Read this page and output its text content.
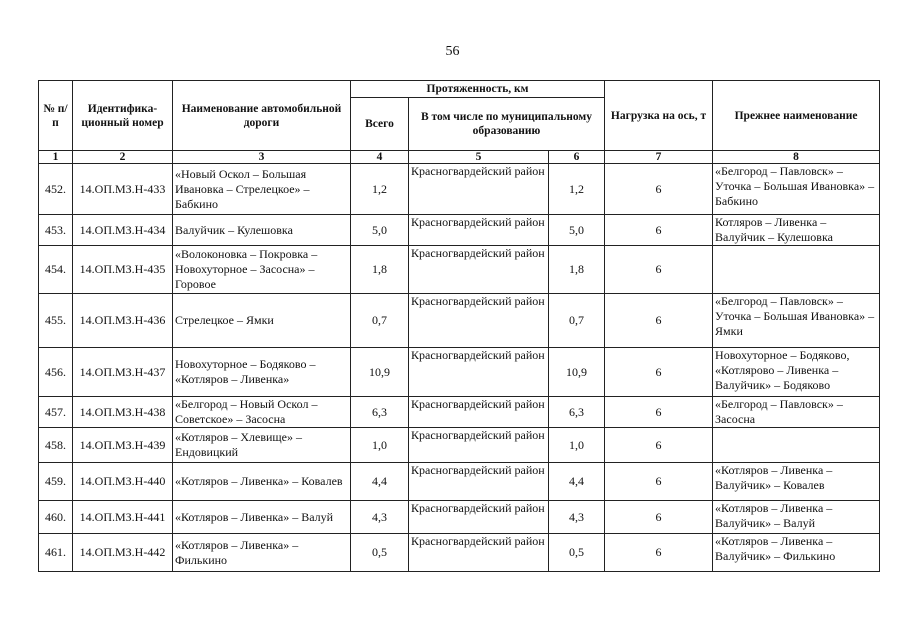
56
№ п/п	Идентифика-ционный номер	Наименование автомобильной дороги	Протяженность, км			Нагрузка на ось, т	Прежнее наименование
			Всего	В том числе по муниципальному образованию			
1	2	3	4	5	6	7	8
452.	14.ОП.МЗ.Н-433	«Новый Оскол – Большая Ивановка – Стрелецкое» – Бабкино	1,2	Красногвардейский район	1,2	6	«Белгород – Павловск» – Уточка – Большая Ивановка» – Бабкино
453.	14.ОП.МЗ.Н-434	Валуйчик – Кулешовка	5,0	Красногвардейский район	5,0	6	Котляров – Ливенка – Валуйчик – Кулешовка
454.	14.ОП.МЗ.Н-435	«Волоконовка – Покровка – Новохуторное – Засосна» – Горовое	1,8	Красногвардейский район	1,8	6	
455.	14.ОП.МЗ.Н-436	Стрелецкое – Ямки	0,7	Красногвардейский район	0,7	6	«Белгород – Павловск» – Уточка – Большая Ивановка» – Ямки
456.	14.ОП.МЗ.Н-437	Новохуторное – Бодяково – «Котляров – Ливенка»	10,9	Красногвардейский район	10,9	6	Новохуторное – Бодяково, «Котлярово – Ливенка – Валуйчик» – Бодяково
457.	14.ОП.МЗ.Н-438	«Белгород – Новый Оскол – Советское» – Засосна	6,3	Красногвардейский район	6,3	6	«Белгород – Павловск» – Засосна
458.	14.ОП.МЗ.Н-439	«Котляров – Хлевище» – Ендовицкий	1,0	Красногвардейский район	1,0	6	
459.	14.ОП.МЗ.Н-440	«Котляров – Ливенка» – Ковалев	4,4	Красногвардейский район	4,4	6	«Котляров – Ливенка – Валуйчик» – Ковалев
460.	14.ОП.МЗ.Н-441	«Котляров – Ливенка» – Валуй	4,3	Красногвардейский район	4,3	6	«Котляров – Ливенка – Валуйчик» – Валуй
461.	14.ОП.МЗ.Н-442	«Котляров – Ливенка» – Филькино	0,5	Красногвардейский район	0,5	6	«Котляров – Ливенка – Валуйчик» – Филькино
